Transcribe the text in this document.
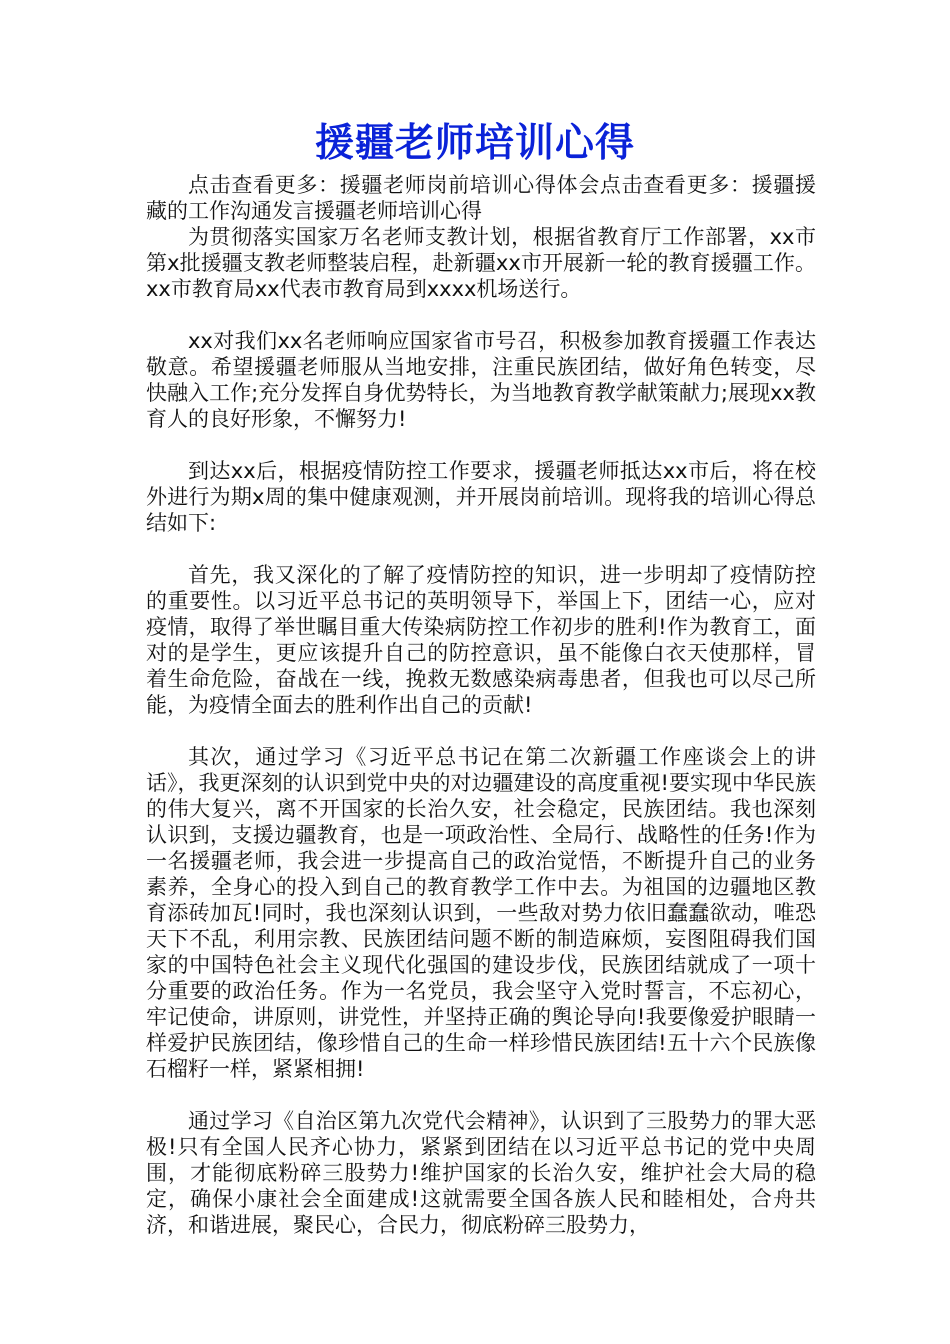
援疆老师培训心得

点击查看更多：援疆老师岗前培训心得体会点击查看更多：援疆援藏的工作沟通发言援疆老师培训心得

为贯彻落实国家万名老师支教计划，根据省教育厅工作部署，xx市第x批援疆支教老师整装启程，赴新疆xx市开展新一轮的教育援疆工作。xx市教育局xx代表市教育局到xxxx机场送行。

xx对我们xx名老师响应国家省市号召，积极参加教育援疆工作表达敬意。希望援疆老师服从当地安排，注重民族团结，做好角色转变，尽快融入工作;充分发挥自身优势特长，为当地教育教学献策献力;展现xx教育人的良好形象，不懈努力!

到达xx后，根据疫情防控工作要求，援疆老师抵达xx市后，将在校外进行为期x周的集中健康观测，并开展岗前培训。现将我的培训心得总结如下:

首先，我又深化的了解了疫情防控的知识，进一步明却了疫情防控的重要性。以习近平总书记的英明领导下，举国上下，团结一心，应对 疫情，取得了举世瞩目重大传染病防控工作初步的胜利!作为教育工，面对的是学生，更应该提升自己的防控意识，虽不能像白衣天使那样，冒着生命危险，奋战在一线，挽救无数感染病毒患者，但我也可以尽己所能，为疫情全面去的胜利作出自己的贡献!

其次，通过学习《习近平总书记在第二次新疆工作座谈会上的讲话》，我更深刻的认识到党中央的对边疆建设的高度重视!要实现中华民族的伟大复兴，离不开国家的长治久安，社会稳定，民族团结。我也深刻认识到，支援边疆教育，也是一项政治性、全局行、战略性的任务!作为一名援疆老师，我会进一步提高自己的政治觉悟，不断提升自己的业务素养，全身心的投入到自己的教育教学工作中去。为祖国的边疆地区教育添砖加瓦!同时，我也深刻认识到，一些敌对势力依旧蠢蠢欲动，唯恐天下不乱，利用宗教、民族团结问题不断的制造麻烦，妄图阻碍我们国家的中国特色社会主义现代化强国的建设步伐，民族团结就成了一项十分重要的政治任务。作为一名党员，我会坚守入党时誓言，不忘初心，牢记使命，讲原则，讲党性，并坚持正确的舆论导向!我要像爱护眼睛一样爱护民族团结，像珍惜自己的生命一样珍惜民族团结!五十六个民族像石榴籽一样，紧紧相拥!

通过学习《自治区第九次党代会精神》，认识到了三股势力的罪大恶极!只有全国人民齐心协力，紧紧到团结在以习近平总书记的党中央周围，才能彻底粉碎三股势力!维护国家的长治久安，维护社会大局的稳定，确保小康社会全面建成!这就需要全国各族人民和睦相处，合舟共济，和谐进展，聚民心，合民力，彻底粉碎三股势力，
